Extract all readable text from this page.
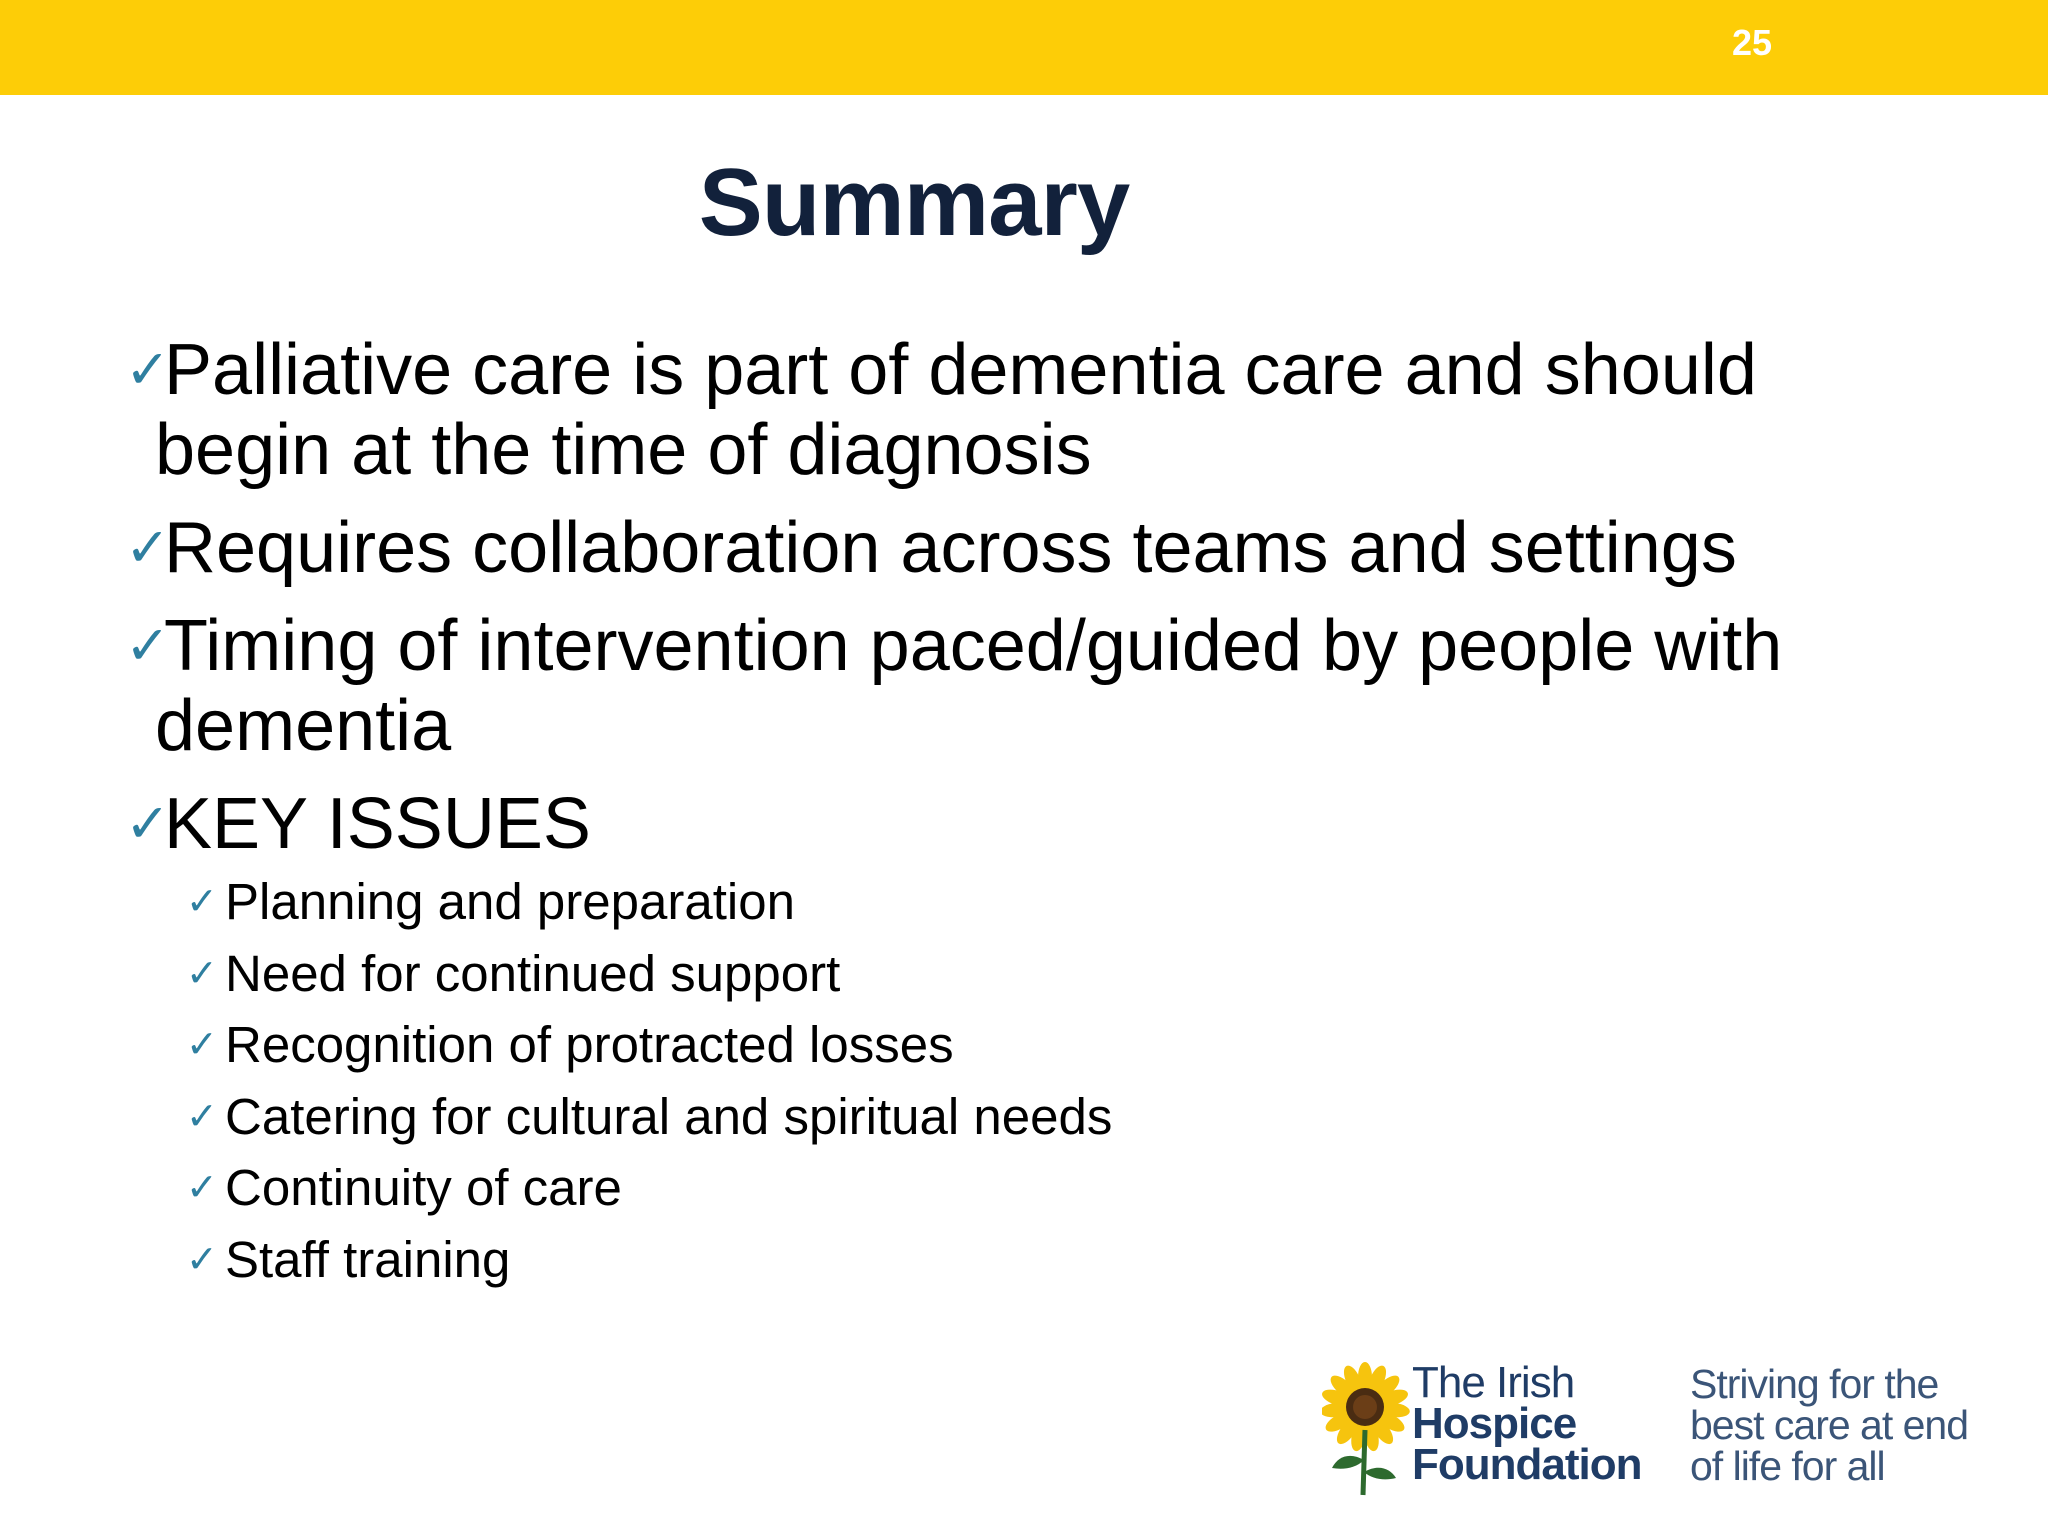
25
Summary
✓
Palliative care is part of dementia care and should
begin at the time of diagnosis
✓
Requires collaboration across teams and settings
✓
Timing of intervention paced/guided by people with
dementia
✓
KEY ISSUES
✓ Planning and preparation
✓ Need for continued support
✓ Recognition of protracted losses
✓ Catering for cultural and spiritual needs
✓ Continuity of care
✓ Staff training
The Irish
Hospice
Foundation
Striving for the
best care at end
of life for all
